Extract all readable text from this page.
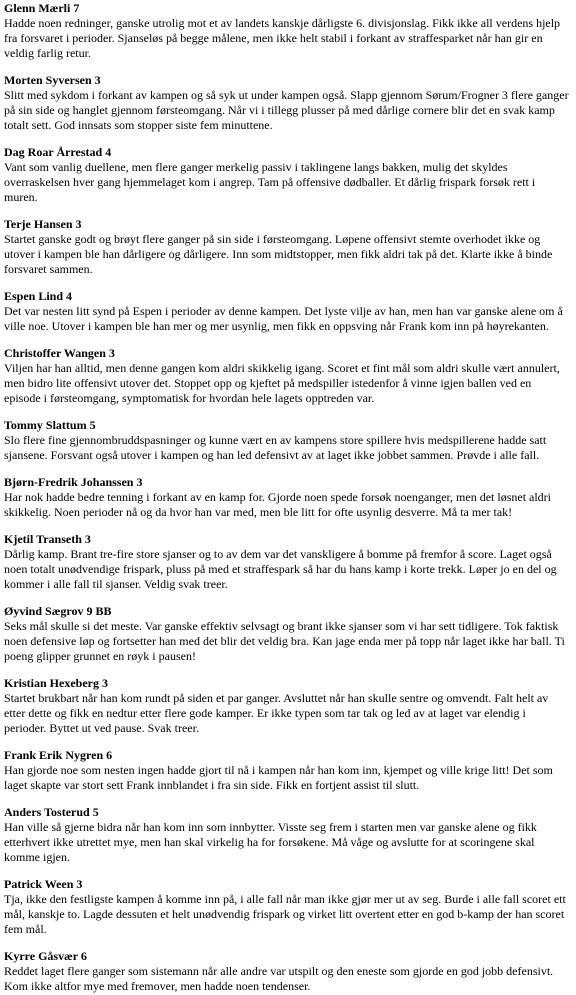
Glenn Mærli 7

Hadde noen redninger, ganske utrolig mot et av landets kanskje dårligste 6. divisjonslag. Fikk ikke all verdens hjelp fra forsvaret i perioder. Sjanseløs på begge målene, men ikke helt stabil i forkant av straffesparket når han gir en veldig farlig retur.

Morten Syversen 3

Slitt med sykdom i forkant av kampen og så syk ut under kampen også. Slapp gjennom Sørum/Frogner 3 flere ganger på sin side og hanglet gjennom førsteomgang. Når vi i tillegg plusser på med dårlige cornere blir det en svak kamp totalt sett. God innsats som stopper siste fem minuttene.

Dag Roar Årrestad 4

Vant som vanlig duellene, men flere ganger merkelig passiv i taklingene langs bakken, mulig det skyldes overraskelsen hver gang hjemmelaget kom i angrep. Tam på offensive dødballer. Et dårlig frispark forsøk rett i muren.

Terje Hansen 3

Startet ganske godt og brøyt flere ganger på sin side i førsteomgang. Løpene offensivt stemte overhodet ikke og utover i kampen ble han dårligere og dårligere. Inn som midtstopper, men fikk aldri tak på det. Klarte ikke å binde forsvaret sammen.

Espen Lind 4

Det var nesten litt synd på Espen i perioder av denne kampen. Det lyste vilje av han, men han var ganske alene om å ville noe. Utover i kampen ble han mer og mer usynlig, men fikk en oppsving når Frank kom inn på høyrekanten.

Christoffer Wangen 3

Viljen har han alltid, men denne gangen kom aldri skikkelig igang. Scoret et fint mål som aldri skulle vært annulert, men bidro lite offensivt utover det. Stoppet opp og kjeftet på medspiller istedenfor å vinne igjen ballen ved en episode i førsteomgang, symptomatisk for hvordan hele lagets opptreden var.

Tommy Slattum 5

Slo flere fine gjennombruddspasninger og kunne vært en av kampens store spillere hvis medspillerene hadde satt sjansene. Forsvant også utover i kampen og han led defensivt av at laget ikke jobbet sammen. Prøvde i alle fall.

Bjørn-Fredrik Johanssen 3

Har nok hadde bedre tenning i forkant av en kamp for. Gjorde noen spede forsøk noenganger, men det løsnet aldri skikkelig. Noen perioder nå og da hvor han var med, men ble litt for ofte usynlig desverre. Må ta mer tak!

Kjetil Transeth 3

Dårlig kamp. Brant tre-fire store sjanser og to av dem var det vanskligere å bomme på fremfor å score. Laget også noen totalt unødvendige frispark, pluss på med et straffespark så har du hans kamp i korte trekk. Løper jo en del og kommer i alle fall til sjanser. Veldig svak treer.

Øyvind Sægrov 9 BB

Seks mål skulle si det meste. Var ganske effektiv selvsagt og brant ikke sjanser som vi har sett tidligere. Tok faktisk noen defensive løp og fortsetter han med det blir det veldig bra. Kan jage enda mer på topp når laget ikke har ball. Ti poeng glipper grunnet en røyk i pausen!

Kristian Hexeberg 3

Startet brukbart når han kom rundt på siden et par ganger. Avsluttet når han skulle sentre og omvendt. Falt helt av etter dette og fikk en nedtur etter flere gode kamper. Er ikke typen som tar tak og led av at laget var elendig i perioder. Byttet ut ved pause. Svak treer.

Frank Erik Nygren 6

Han gjorde noe som nesten ingen hadde gjort til nå i kampen når han kom inn, kjempet og ville krige litt! Det som laget skapte var stort sett Frank innblandet i fra sin side. Fikk en fortjent assist til slutt.

Anders Tosterud 5

Han ville så gjerne bidra når han kom inn som innbytter. Visste seg frem i starten men var ganske alene og fikk etterhvert ikke utrettet mye, men han skal virkelig ha for forsøkene. Må våge og avslutte for at scoringene skal komme igjen.

Patrick Ween 3

Tja, ikke den festligste kampen å komme inn på, i alle fall når man ikke gjør mer ut av seg. Burde i alle fall scoret ett mål, kanskje to. Lagde dessuten et helt unødvendig frispark og virket litt overtent etter en god b-kamp der han scoret fem mål.

Kyrre Gåsvær 6

Reddet laget flere ganger som sistemann når alle andre var utspilt og den eneste som gjorde en god jobb defensivt. Kom ikke altfor mye med fremover, men hadde noen tendenser.
